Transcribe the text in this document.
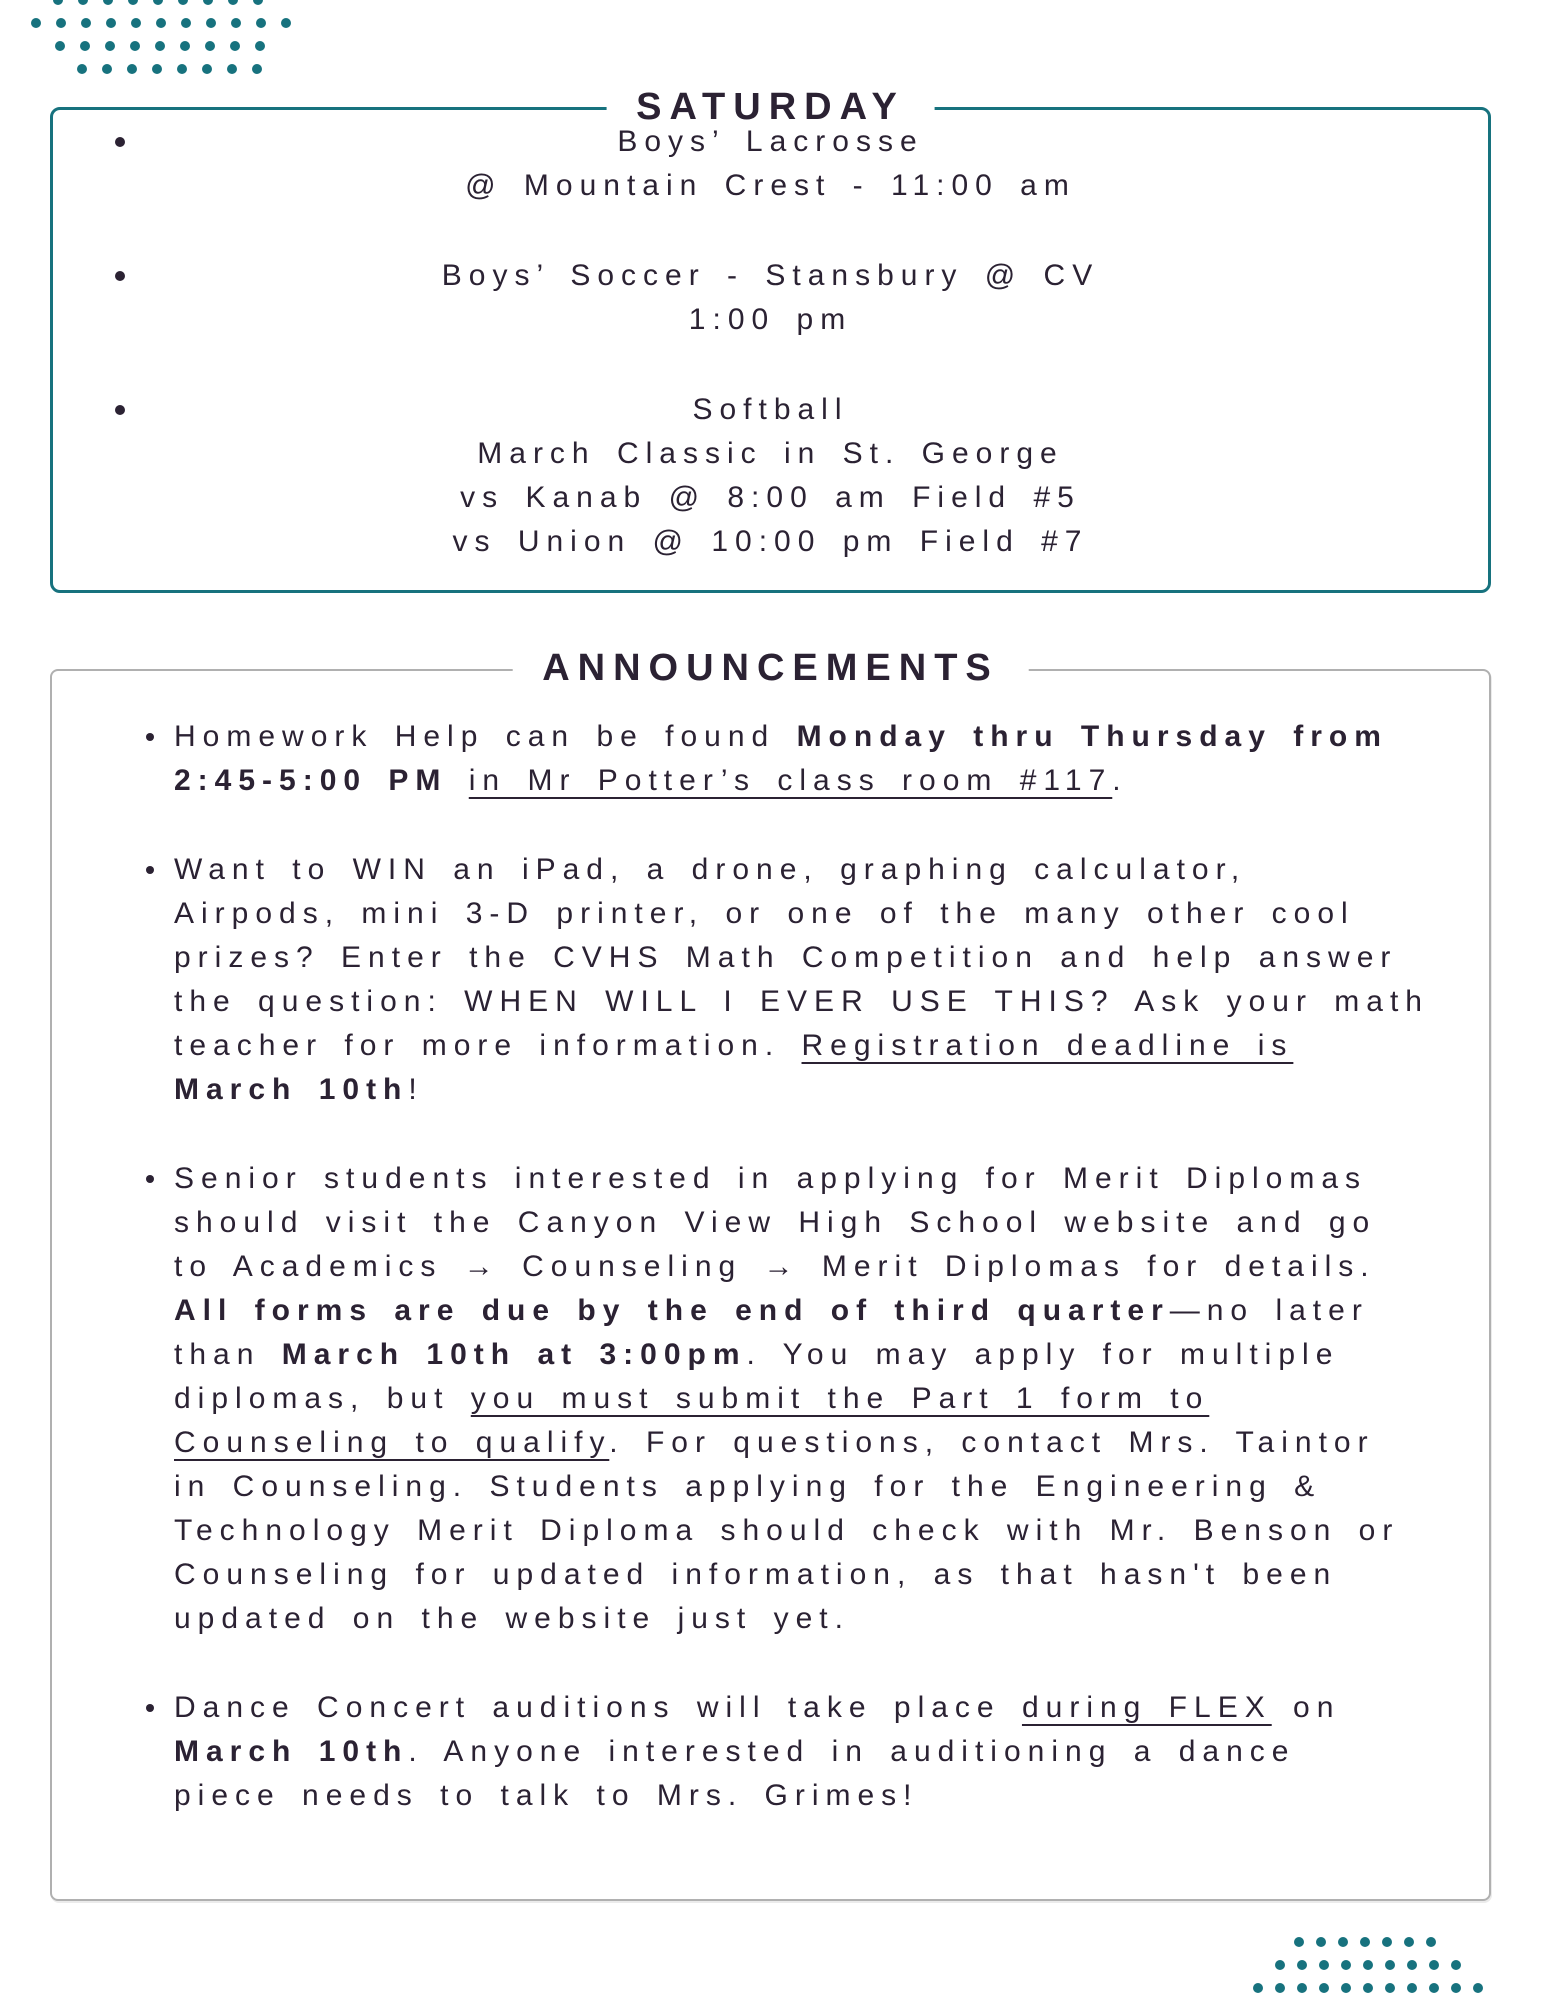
SATURDAY
Boys’ Lacrosse
@ Mountain Crest - 11:00 am
Boys’ Soccer - Stansbury @ CV
1:00 pm
Softball
March Classic in St. George
vs Kanab @ 8:00 am Field #5
vs Union @ 10:00 pm Field #7
ANNOUNCEMENTS
Homework Help can be found Monday thru Thursday from
2:45-5:00 PM in Mr Potter’s class room #117.
Want to WIN an iPad, a drone, graphing calculator,
Airpods, mini 3-D printer, or one of the many other cool
prizes? Enter the CVHS Math Competition and help answer
the question: WHEN WILL I EVER USE THIS? Ask your math
teacher for more information. Registration deadline is
March 10th!
Senior students interested in applying for Merit Diplomas
should visit the Canyon View High School website and go
to Academics → Counseling → Merit Diplomas for details.
All forms are due by the end of third quarter—no later
than March 10th at 3:00pm. You may apply for multiple
diplomas, but you must submit the Part 1 form to
Counseling to qualify. For questions, contact Mrs. Taintor
in Counseling. Students applying for the Engineering &
Technology Merit Diploma should check with Mr. Benson or
Counseling for updated information, as that hasn't been
updated on the website just yet.
Dance Concert auditions will take place during FLEX on
March 10th. Anyone interested in auditioning a dance
piece needs to talk to Mrs. Grimes!
